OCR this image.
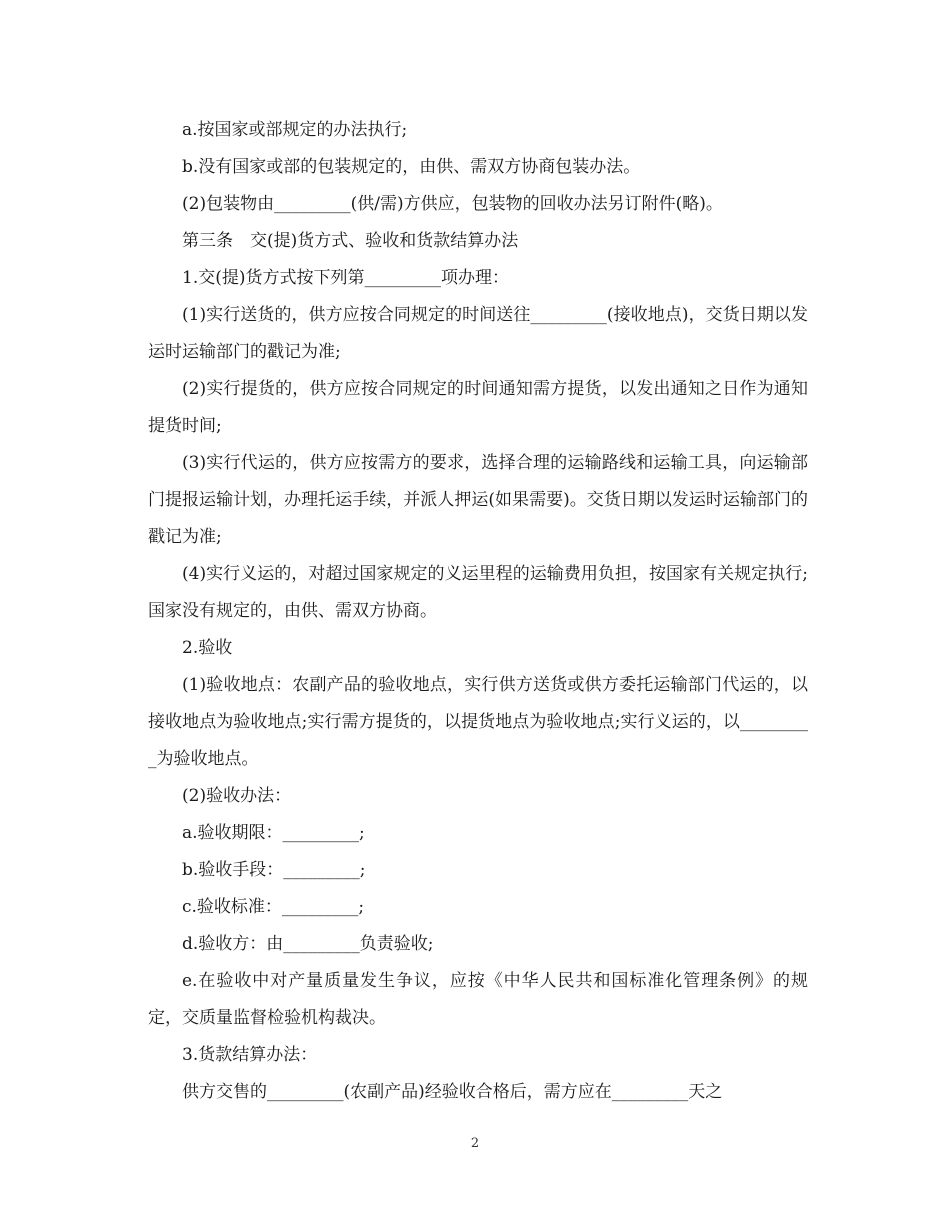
a.按国家或部规定的办法执行;

b.没有国家或部的包装规定的，由供、需双方协商包装办法。

(2)包装物由_________(供/需)方供应，包装物的回收办法另订附件(略)。

第三条　交(提)货方式、验收和货款结算办法

1.交(提)货方式按下列第_________项办理：

(1)实行送货的，供方应按合同规定的时间送往_________(接收地点)，交货日期以发运时运输部门的戳记为准;

(2)实行提货的，供方应按合同规定的时间通知需方提货，以发出通知之日作为通知提货时间;

(3)实行代运的，供方应按需方的要求，选择合理的运输路线和运输工具，向运输部门提报运输计划，办理托运手续，并派人押运(如果需要)。交货日期以发运时运输部门的戳记为准;

(4)实行义运的，对超过国家规定的义运里程的运输费用负担，按国家有关规定执行;国家没有规定的，由供、需双方协商。

2.验收

(1)验收地点：农副产品的验收地点，实行供方送货或供方委托运输部门代运的，以接收地点为验收地点;实行需方提货的，以提货地点为验收地点;实行义运的，以_________为验收地点。

(2)验收办法：

a.验收期限：_________;

b.验收手段：_________;

c.验收标准：_________;

d.验收方：由_________负责验收;

e.在验收中对产量质量发生争议，应按《中华人民共和国标准化管理条例》的规定，交质量监督检验机构裁决。

3.货款结算办法：

供方交售的_________(农副产品)经验收合格后，需方应在_________天之

2
